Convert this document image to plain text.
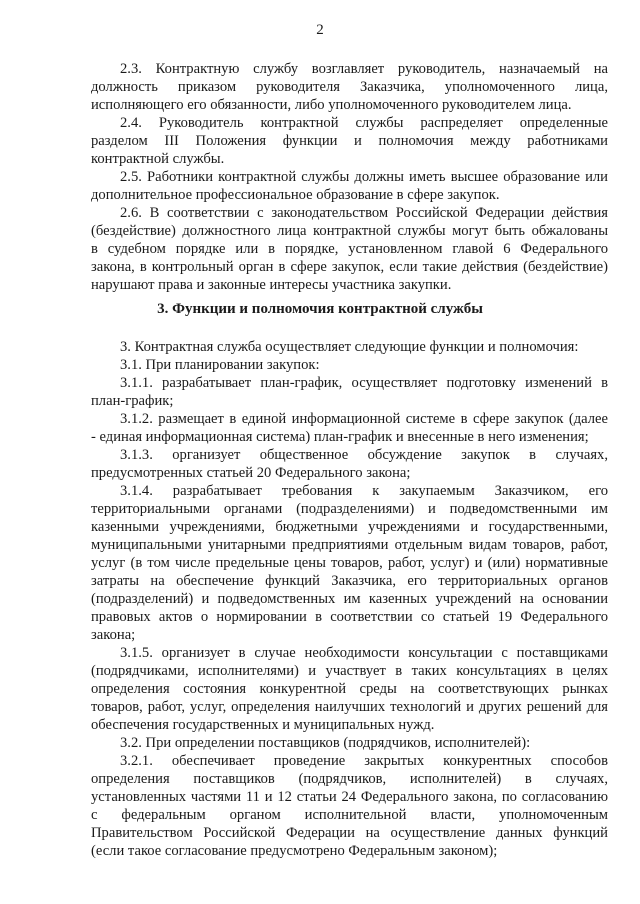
2
2.3. Контрактную службу возглавляет руководитель, назначаемый на
должность приказом руководителя Заказчика, уполномоченного лица,
исполняющего его обязанности, либо уполномоченного руководителем лица.
2.4. Руководитель контрактной службы распределяет определенные
разделом III Положения функции и полномочия между работниками
контрактной службы.
2.5. Работники контрактной службы должны иметь высшее образование или
дополнительное профессиональное образование в сфере закупок.
2.6. В соответствии с законодательством Российской Федерации действия
(бездействие) должностного лица контрактной службы могут быть обжалованы
в судебном порядке или в порядке, установленном главой 6 Федерального
закона, в контрольный орган в сфере закупок, если такие действия (бездействие)
нарушают права и законные интересы участника закупки.
3. Функции и полномочия контрактной службы
3. Контрактная служба осуществляет следующие функции и полномочия:
3.1. При планировании закупок:
3.1.1. разрабатывает план-график, осуществляет подготовку изменений в
план-график;
3.1.2. размещает в единой информационной системе в сфере закупок (далее
- единая информационная система) план-график и внесенные в него изменения;
3.1.3. организует общественное обсуждение закупок в случаях,
предусмотренных статьей 20 Федерального закона;
3.1.4. разрабатывает требования к закупаемым Заказчиком, его
территориальными органами (подразделениями) и подведомственными им
казенными учреждениями, бюджетными учреждениями и государственными,
муниципальными унитарными предприятиями отдельным видам товаров, работ,
услуг (в том числе предельные цены товаров, работ, услуг) и (или) нормативные
затраты на обеспечение функций Заказчика, его территориальных органов
(подразделений) и подведомственных им казенных учреждений на основании
правовых актов о нормировании в соответствии со статьей 19 Федерального
закона;
3.1.5. организует в случае необходимости консультации с поставщиками
(подрядчиками, исполнителями) и участвует в таких консультациях в целях
определения состояния конкурентной среды на соответствующих рынках
товаров, работ, услуг, определения наилучших технологий и других решений для
обеспечения государственных и муниципальных нужд.
3.2. При определении поставщиков (подрядчиков, исполнителей):
3.2.1. обеспечивает проведение закрытых конкурентных способов
определения поставщиков (подрядчиков, исполнителей) в случаях,
установленных частями 11 и 12 статьи 24 Федерального закона, по согласованию
с федеральным органом исполнительной власти, уполномоченным
Правительством Российской Федерации на осуществление данных функций
(если такое согласование предусмотрено Федеральным законом);
